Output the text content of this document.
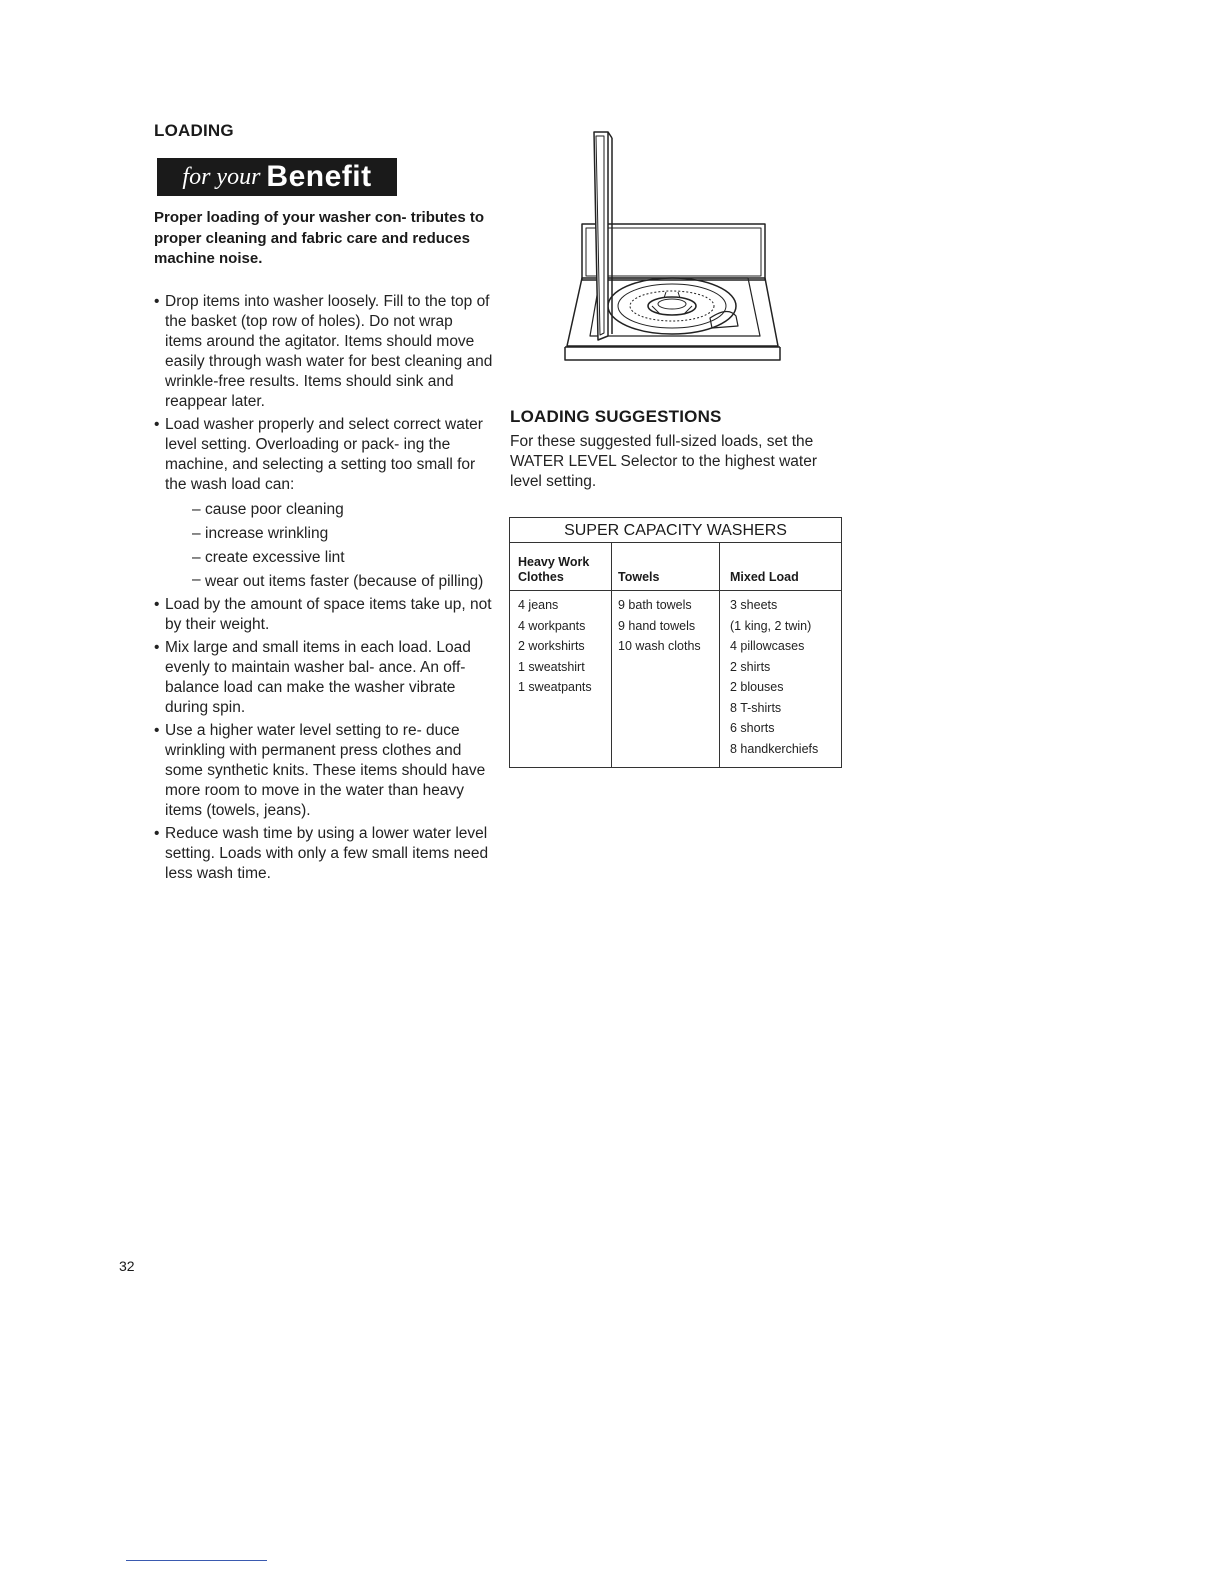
LOADING
for your Benefit
Proper loading of your washer con- tributes to proper cleaning and fabric care and reduces machine noise.
• Drop items into washer loosely. Fill to the top of the basket (top row of holes). Do not wrap items around the agitator. Items should move easily through wash water for best cleaning and wrinkle-free results. Items should sink and reappear later.
• Load washer properly and select correct water level setting. Overloading or pack- ing the machine, and selecting a setting too small for the wash load can:
– cause poor cleaning
– increase wrinkling
– create excessive lint
– wear out items faster (because of pilling)
• Load by the amount of space items take up, not by their weight.
• Mix large and small items in each load. Load evenly to maintain washer bal- ance. An off-balance load can make the washer vibrate during spin.
• Use a higher water level setting to re- duce wrinkling with permanent press clothes and some synthetic knits. These items should have more room to move in the water than heavy items (towels, jeans).
• Reduce wash time by using a lower water level setting. Loads with only a few small items need less wash time.
LOADING SUGGESTIONS
For these suggested full-sized loads, set the WATER LEVEL Selector to the highest water level setting.
SUPER CAPACITY WASHERS
Heavy Work Clothes
4 jeans
4 workpants
2 workshirts
1 sweatshirt
1 sweatpants
Towels
9 bath towels
9 hand towels
10 wash cloths
Mixed Load
3 sheets
(1 king, 2 twin)
4 pillowcases
2 shirts
2 blouses
8 T-shirts
6 shorts
8 handkerchiefs
32
